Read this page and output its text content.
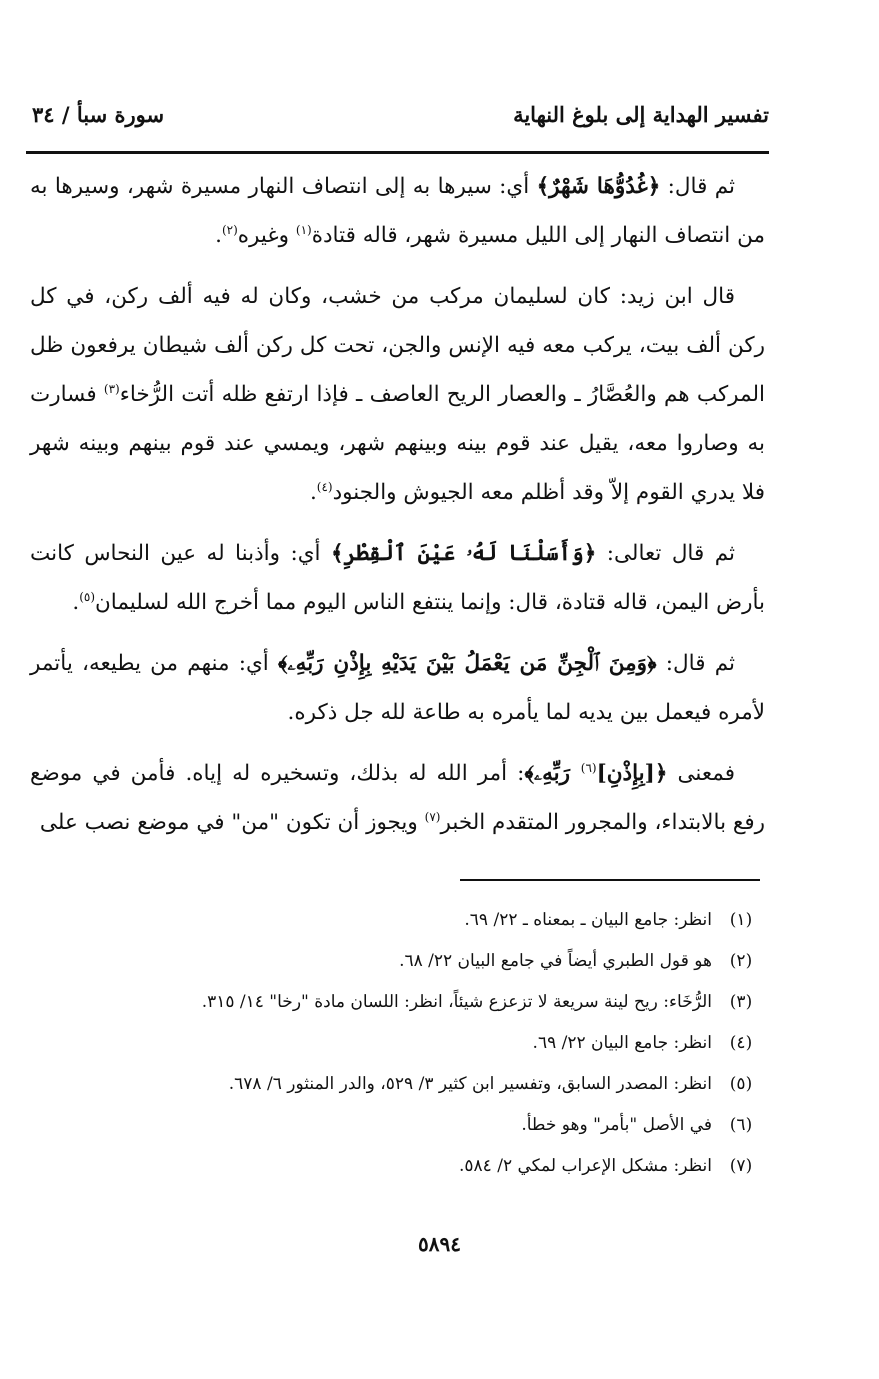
تفسير الهداية إلى بلوغ النهاية
سورة سبأ / ٣٤

ثم قال: ﴿غُدُوُّهَا شَهْرٌ﴾ أي: سيرها به إلى انتصاف النهار مسيرة شهر، وسيرها به من انتصاف النهار إلى الليل مسيرة شهر، قاله قتادة$^{(١)}$ وغيره$^{(٢)}$.

قال ابن زيد: كان لسليمان مركب من خشب، وكان له فيه ألف ركن، في كل ركن ألف بيت، يركب معه فيه الإنس والجن، تحت كل ركن ألف شيطان يرفعون ظل المركب هم والعُصَّارُ ـ والعصار الريح العاصف ـ فإذا ارتفع ظله أتت الرُّخاء$^{(٣)}$ فسارت به وصاروا معه، يقيل عند قوم بينه وبينهم شهر، ويمسي عند قوم بينهم وبينه شهر فلا يدري القوم إلاّ وقد أظلم معه الجيوش والجنود$^{(٤)}$.

ثم قال تعالى: ﴿وَأَسَلْنَا لَهُۥ عَيْنَ ٱلْقِطْرِ﴾ أي: وأذبنا له عين النحاس كانت بأرض اليمن، قاله قتادة، قال: وإنما ينتفع الناس اليوم مما أخرج الله لسليمان$^{(٥)}$.

ثم قال: ﴿وَمِنَ ٱلْجِنِّ مَن يَعْمَلُ بَيْنَ يَدَيْهِ بِإِذْنِ رَبِّهِۦ﴾ أي: منهم من يطيعه، يأتمر لأمره فيعمل بين يديه لما يأمره به طاعة لله جل ذكره.

فمعنى ﴿[بِإِذْنِ]$^{(٦)}$ رَبِّهِۦ﴾: أمر الله له بذلك، وتسخيره له إياه. فأمن في موضع رفع بالابتداء، والمجرور المتقدم الخبر$^{(٧)}$ ويجوز أن تكون "من" في موضع نصب على

(١)انظر: جامع البيان ـ بمعناه ـ ٢٢/ ٦٩.
(٢)هو قول الطبري أيضاً في جامع البيان ٢٢/ ٦٨.
(٣)الرُّخَاء: ريح لينة سريعة لا تزعزع شيئاً، انظر: اللسان مادة "رخا" ١٤/ ٣١٥.
(٤)انظر: جامع البيان ٢٢/ ٦٩.
(٥)انظر: المصدر السابق، وتفسير ابن كثير ٣/ ٥٢٩، والدر المنثور ٦/ ٦٧٨.
(٦)في الأصل "بأمر" وهو خطأ.
(٧)انظر: مشكل الإعراب لمكي ٢/ ٥٨٤.
٥٨٩٤
